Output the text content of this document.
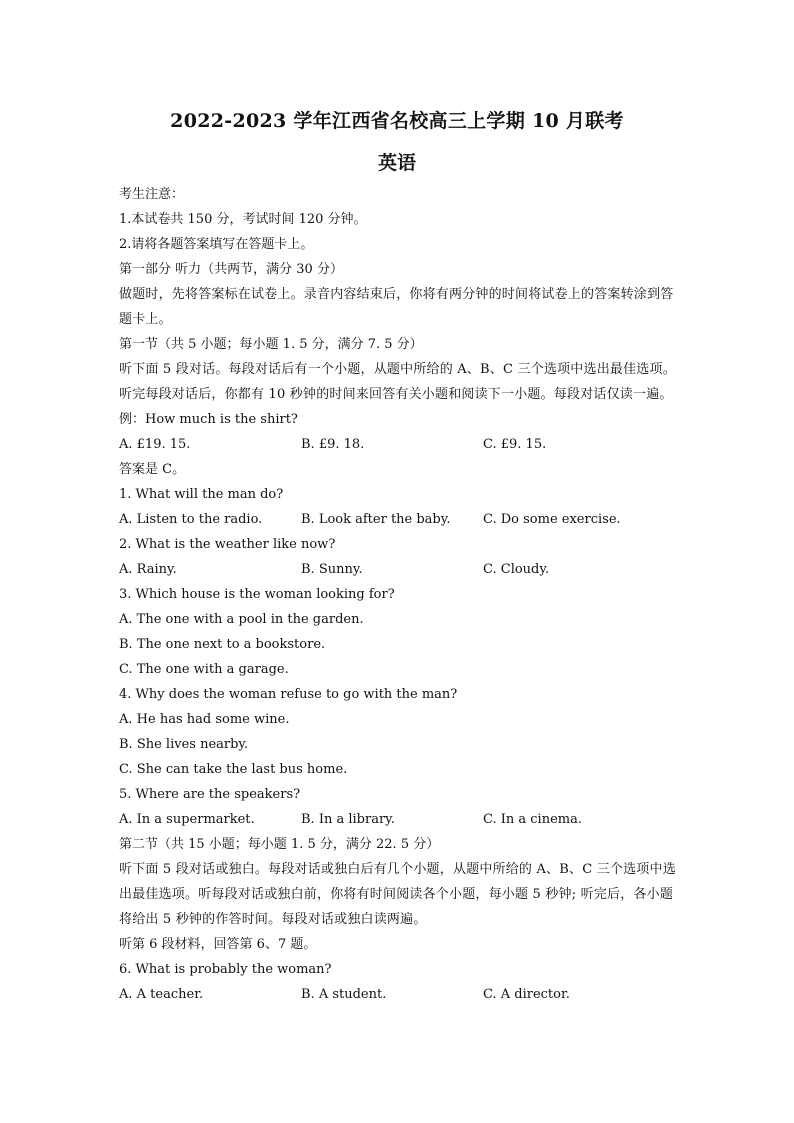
2022-2023 学年江西省名校高三上学期 10 月联考
英语
考生注意：
1.本试卷共 150 分，考试时间 120 分钟。
2.请将各题答案填写在答题卡上。
第一部分 听力（共两节，满分 30 分）
做题时，先将答案标在试卷上。录音内容结束后，你将有两分钟的时间将试卷上的答案转涂到答题卡上。
第一节（共 5 小题；每小题 1. 5 分，满分 7. 5 分）
听下面 5 段对话。每段对话后有一个小题，从题中所给的 A、B、C 三个选项中选出最佳选项。听完每段对话后，你都有 10 秒钟的时间来回答有关小题和阅读下一小题。每段对话仅读一遍。
例：How much is the shirt?
A. £19. 15.	B. £9. 18.	C. £9. 15.
答案是 C。
1. What will the man do?
A. Listen to the radio.	B. Look after the baby.	C. Do some exercise.
2. What is the weather like now?
A. Rainy.	B. Sunny.	C. Cloudy.
3. Which house is the woman looking for?
A. The one with a pool in the garden.
B. The one next to a bookstore.
C. The one with a garage.
4. Why does the woman refuse to go with the man?
A. He has had some wine.
B. She lives nearby.
C. She can take the last bus home.
5. Where are the speakers?
A. In a supermarket.	B. In a library.	C. In a cinema.
第二节（共 15 小题；每小题 1. 5 分，满分 22. 5 分）
听下面 5 段对话或独白。每段对话或独白后有几个小题，从题中所给的 A、B、C 三个选项中选出最佳选项。听每段对话或独白前，你将有时间阅读各个小题，每小题 5 秒钟; 听完后，各小题将给出 5 秒钟的作答时间。每段对话或独白读两遍。
听第 6 段材料，回答第 6、7 题。
6. What is probably the woman?
A. A teacher.	B. A student.	C. A director.
